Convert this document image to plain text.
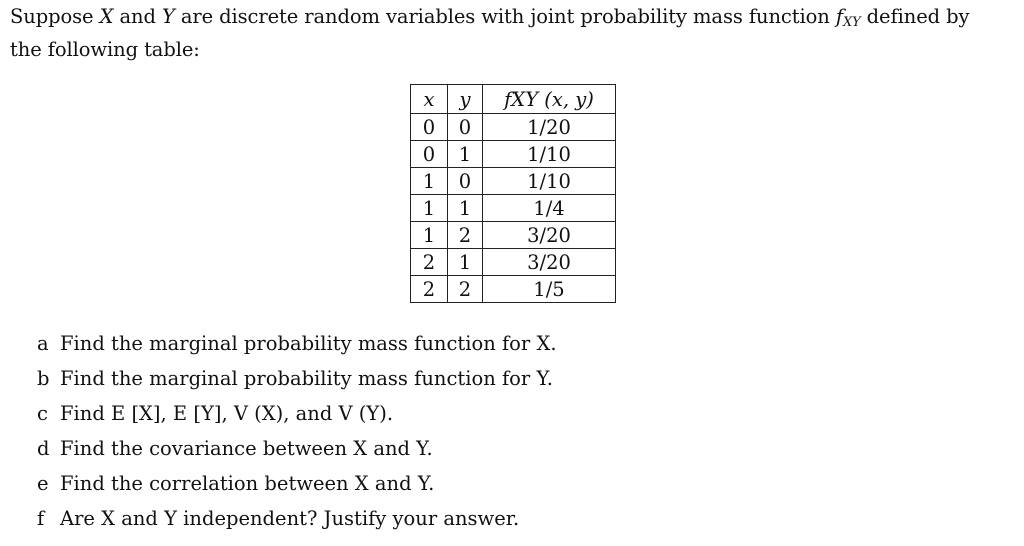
Suppose X and Y are discrete random variables with joint probability mass function $f_{XY}$ defined by
the following table:
x	y	fXY (x, y)
0	0	1/20
0	1	1/10
1	0	1/10
1	1	1/4
1	2	3/20
2	1	3/20
2	2	1/5
a Find the marginal probability mass function for X.
b Find the marginal probability mass function for Y.
c Find E [X], E [Y], V (X), and V (Y).
d Find the covariance between X and Y.
e Find the correlation between X and Y.
f Are X and Y independent? Justify your answer.
